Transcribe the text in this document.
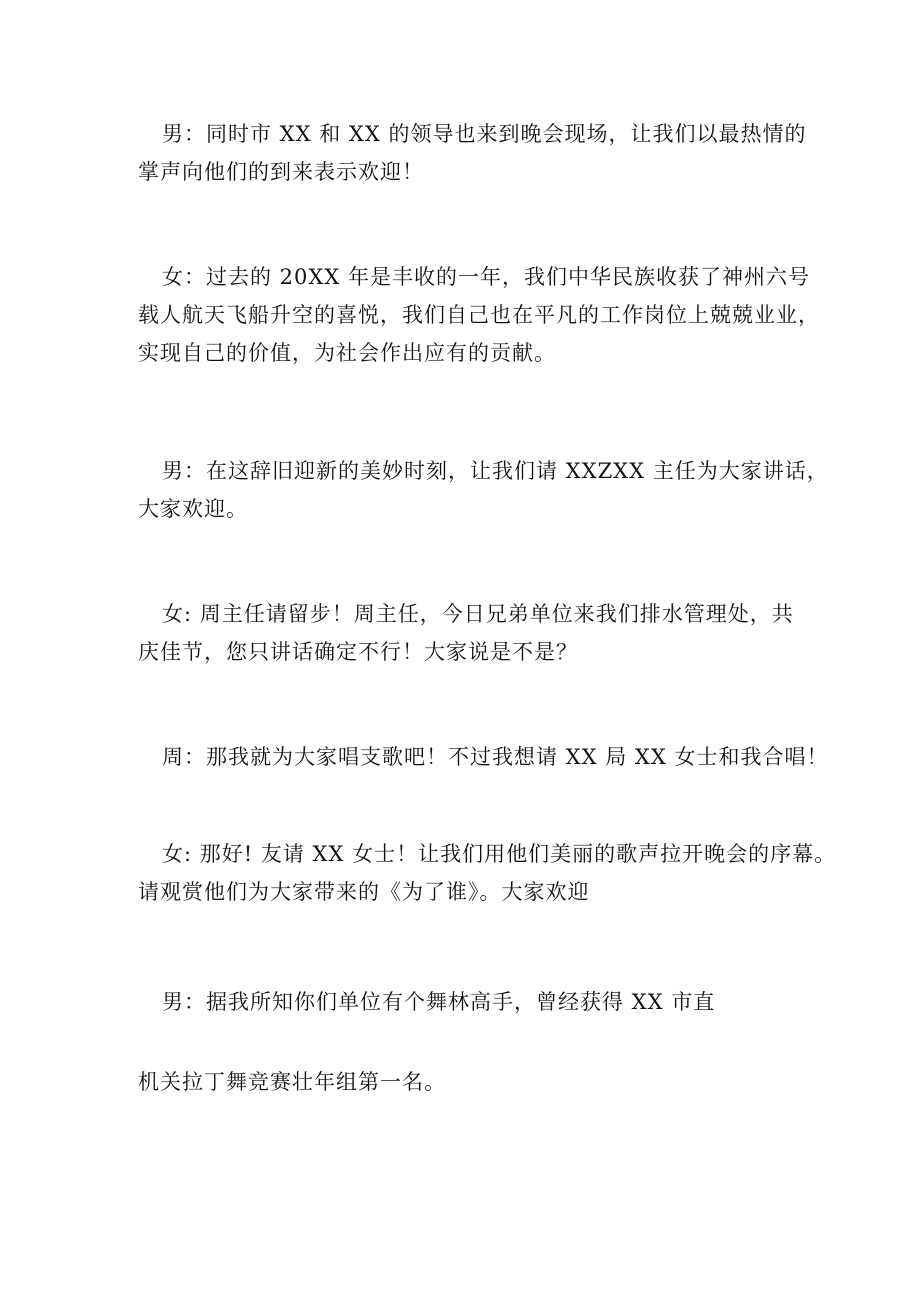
男：同时市 XX 和 XX 的领导也来到晚会现场，让我们以最热情的
掌声向他们的到来表示欢迎！

女：过去的 20XX 年是丰收的一年，我们中华民族收获了神州六号
载人航天飞船升空的喜悦，我们自己也在平凡的工作岗位上兢兢业业，
实现自己的价值，为社会作出应有的贡献。

男：在这辞旧迎新的美妙时刻，让我们请 XXZXX 主任为大家讲话，
大家欢迎。

女: 周主任请留步！周主任，今日兄弟单位来我们排水管理处，共
庆佳节，您只讲话确定不行！大家说是不是？

周：那我就为大家唱支歌吧！不过我想请 XX 局 XX 女士和我合唱！

女: 那好! 友请 XX 女士！让我们用他们美丽的歌声拉开晚会的序幕。
请观赏他们为大家带来的《为了谁》。大家欢迎

男：据我所知你们单位有个舞林高手，曾经获得 XX 市直

机关拉丁舞竞赛壮年组第一名。
